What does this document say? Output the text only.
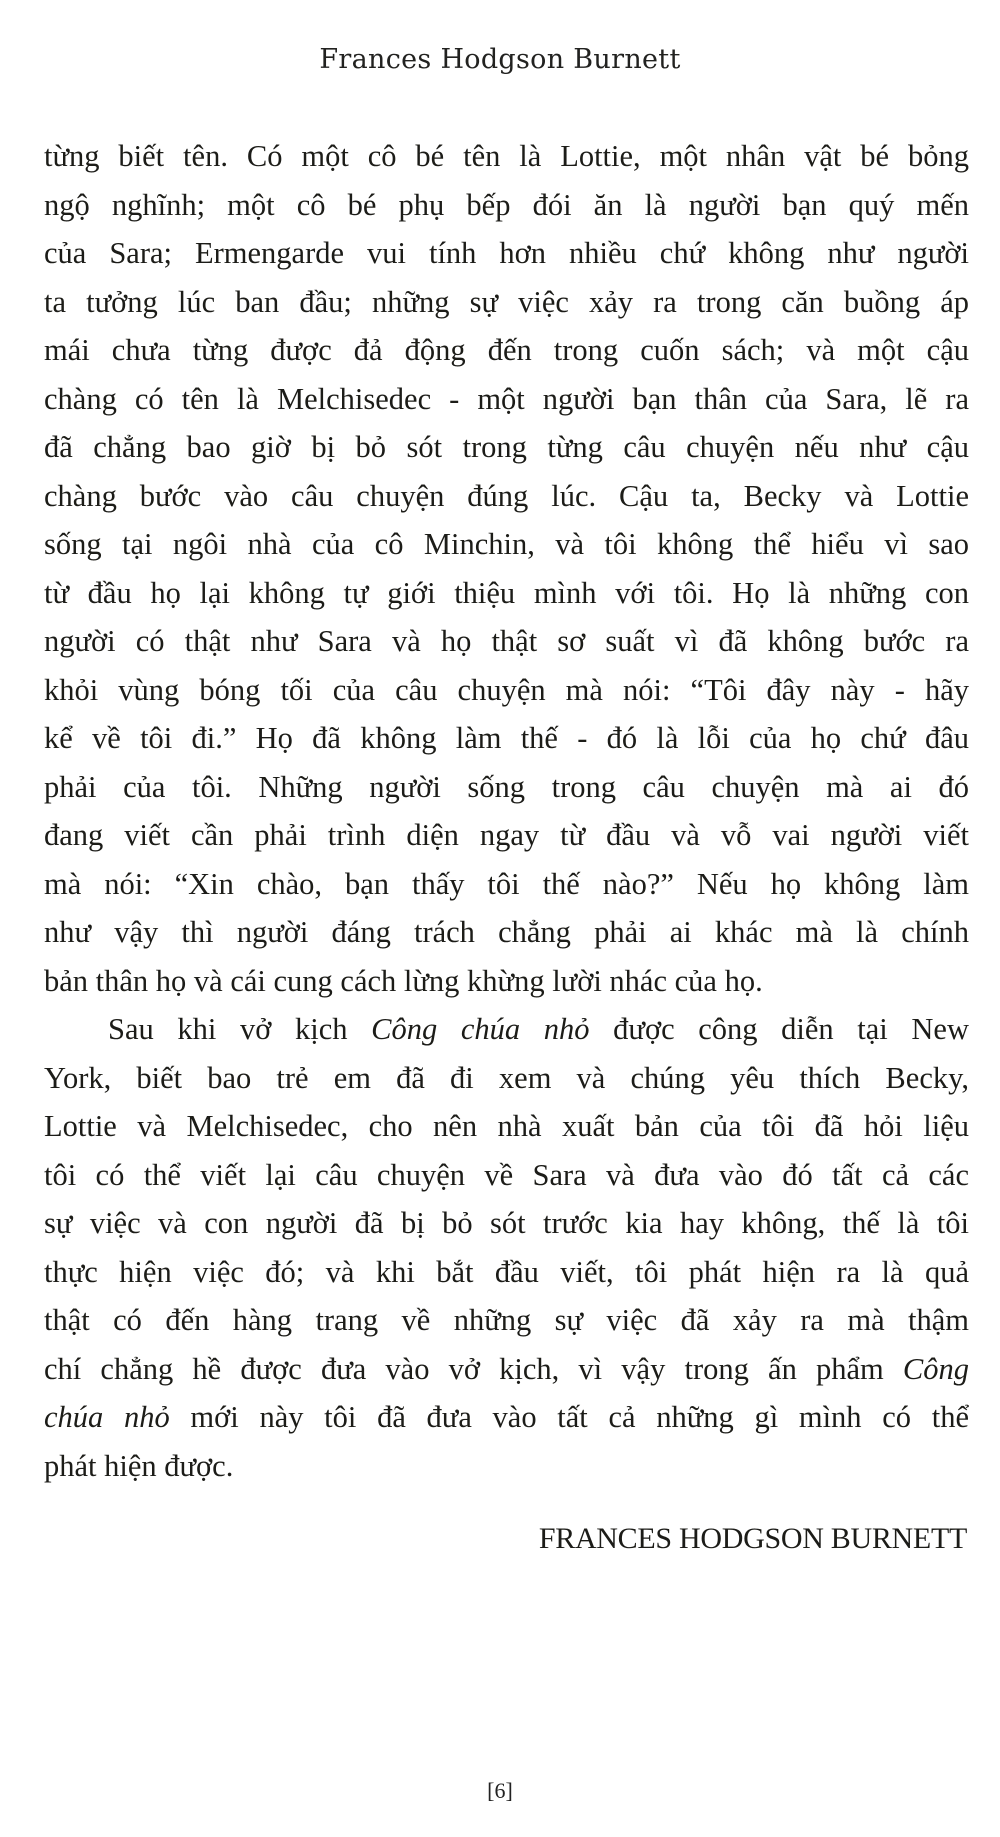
Frances Hodgson Burnett
từng biết tên. Có một cô bé tên là Lottie, một nhân vật bé bỏng
ngộ nghĩnh; một cô bé phụ bếp đói ăn là người bạn quý mến
của Sara; Ermengarde vui tính hơn nhiều chứ không như người
ta tưởng lúc ban đầu; những sự việc xảy ra trong căn buồng áp
mái chưa từng được đả động đến trong cuốn sách; và một cậu
chàng có tên là Melchisedec - một người bạn thân của Sara, lẽ ra
đã chẳng bao giờ bị bỏ sót trong từng câu chuyện nếu như cậu
chàng bước vào câu chuyện đúng lúc. Cậu ta, Becky và Lottie
sống tại ngôi nhà của cô Minchin, và tôi không thể hiểu vì sao
từ đầu họ lại không tự giới thiệu mình với tôi. Họ là những con
người có thật như Sara và họ thật sơ suất vì đã không bước ra
khỏi vùng bóng tối của câu chuyện mà nói: “Tôi đây này - hãy
kể về tôi đi.” Họ đã không làm thế - đó là lỗi của họ chứ đâu
phải của tôi. Những người sống trong câu chuyện mà ai đó
đang viết cần phải trình diện ngay từ đầu và vỗ vai người viết
mà nói: “Xin chào, bạn thấy tôi thế nào?” Nếu họ không làm
như vậy thì người đáng trách chẳng phải ai khác mà là chính
bản thân họ và cái cung cách lừng khừng lười nhác của họ.
Sau khi vở kịch Công chúa nhỏ được công diễn tại New
York, biết bao trẻ em đã đi xem và chúng yêu thích Becky,
Lottie và Melchisedec, cho nên nhà xuất bản của tôi đã hỏi liệu
tôi có thể viết lại câu chuyện về Sara và đưa vào đó tất cả các
sự việc và con người đã bị bỏ sót trước kia hay không, thế là tôi
thực hiện việc đó; và khi bắt đầu viết, tôi phát hiện ra là quả
thật có đến hàng trang về những sự việc đã xảy ra mà thậm
chí chẳng hề được đưa vào vở kịch, vì vậy trong ấn phẩm Công
chúa nhỏ mới này tôi đã đưa vào tất cả những gì mình có thể
phát hiện được.
FRANCES HODGSON BURNETT
[6]
